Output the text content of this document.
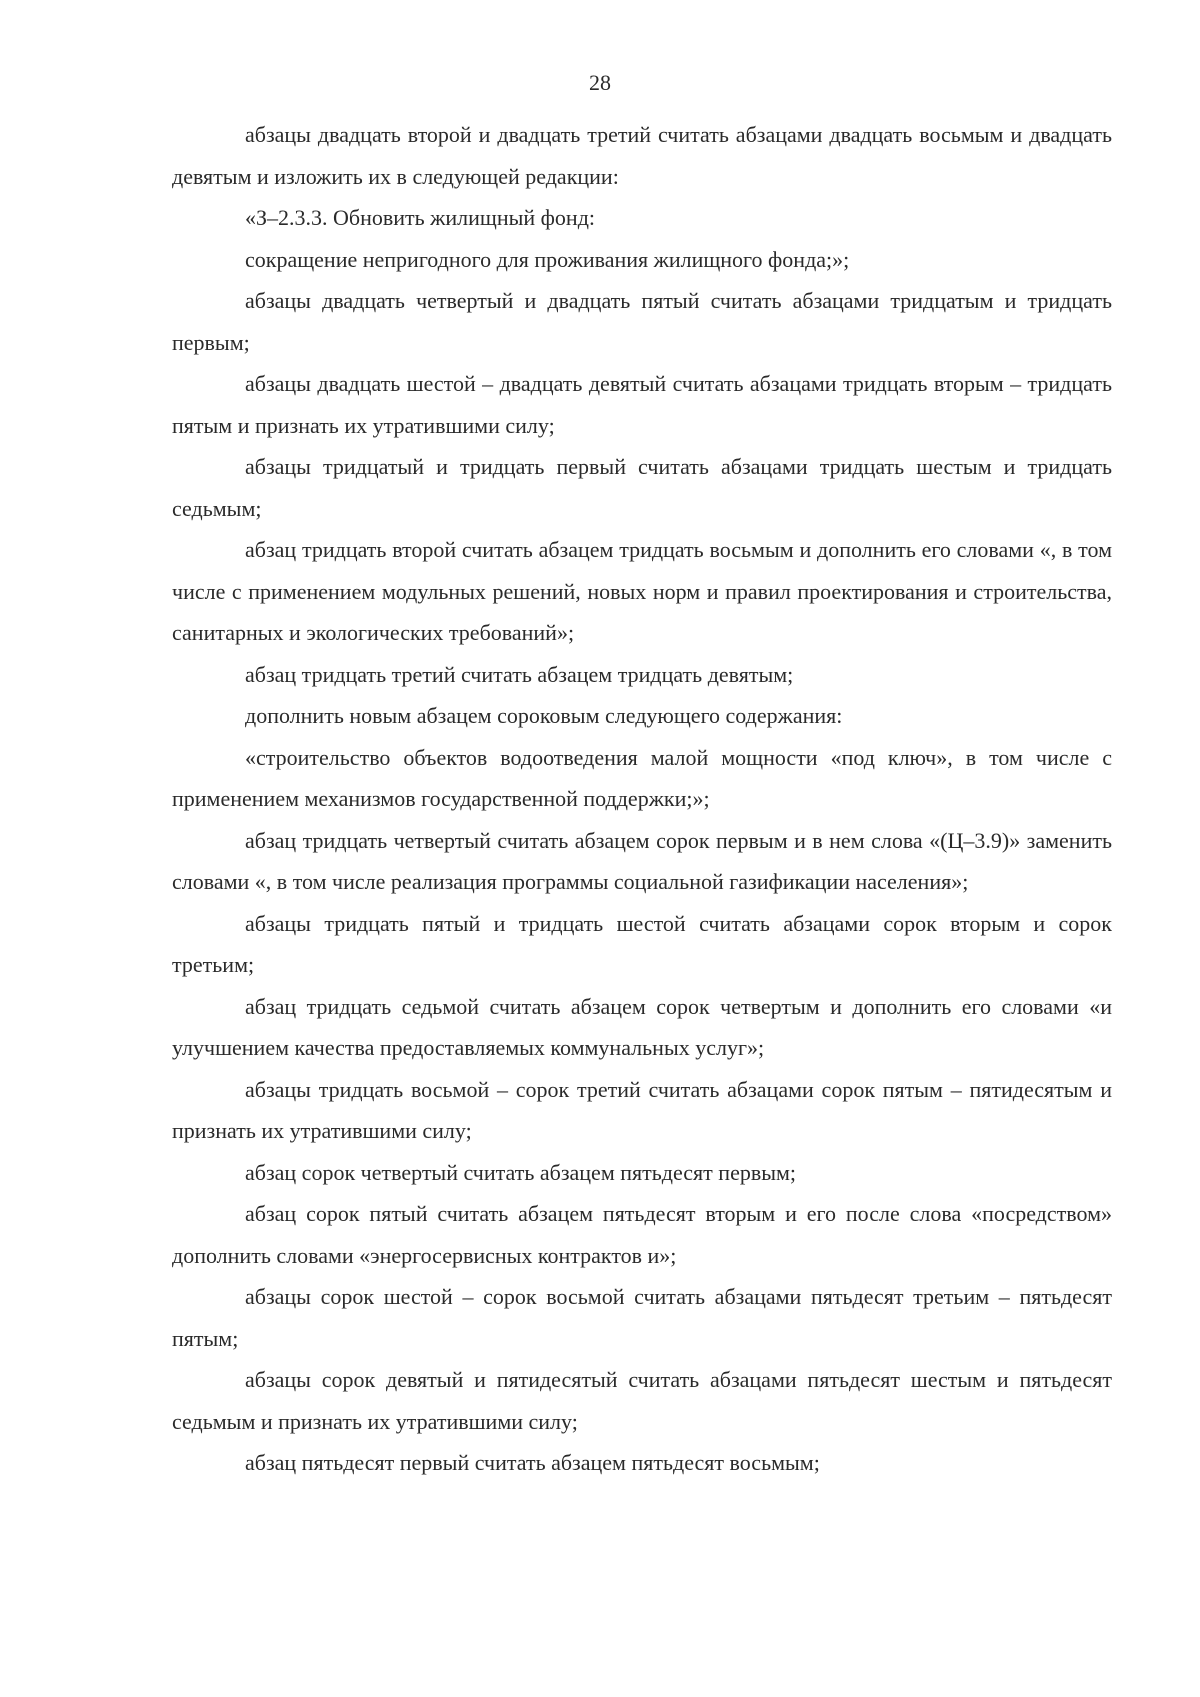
28

абзацы двадцать второй и двадцать третий считать абзацами двадцать восьмым и двадцать девятым и изложить их в следующей редакции:

«З–2.3.3. Обновить жилищный фонд:

сокращение непригодного для проживания жилищного фонда;»;

абзацы двадцать четвертый и двадцать пятый считать абзацами тридцатым и тридцать первым;

абзацы двадцать шестой – двадцать девятый считать абзацами тридцать вторым – тридцать пятым и признать их утратившими силу;

абзацы тридцатый и тридцать первый считать абзацами тридцать шестым и тридцать седьмым;

абзац тридцать второй считать абзацем тридцать восьмым и дополнить его словами «, в том числе с применением модульных решений, новых норм и правил проектирования и строительства, санитарных и экологических требований»;

абзац тридцать третий считать абзацем тридцать девятым;

дополнить новым абзацем сороковым следующего содержания:

«строительство объектов водоотведения малой мощности «под ключ», в том числе с применением механизмов государственной поддержки;»;

абзац тридцать четвертый считать абзацем сорок первым и в нем слова «(Ц–3.9)» заменить словами «, в том числе реализация программы социальной газификации населения»;

абзацы тридцать пятый и тридцать шестой считать абзацами сорок вторым и сорок третьим;

абзац тридцать седьмой считать абзацем сорок четвертым и дополнить его словами «и улучшением качества предоставляемых коммунальных услуг»;

абзацы тридцать восьмой – сорок третий считать абзацами сорок пятым – пятидесятым и признать их утратившими силу;

абзац сорок четвертый считать абзацем пятьдесят первым;

абзац сорок пятый считать абзацем пятьдесят вторым и его после слова «посредством» дополнить словами «энергосервисных контрактов и»;

абзацы сорок шестой – сорок восьмой считать абзацами пятьдесят третьим – пятьдесят пятым;

абзацы сорок девятый и пятидесятый считать абзацами пятьдесят шестым и пятьдесят седьмым и признать их утратившими силу;

абзац пятьдесят первый считать абзацем пятьдесят восьмым;
